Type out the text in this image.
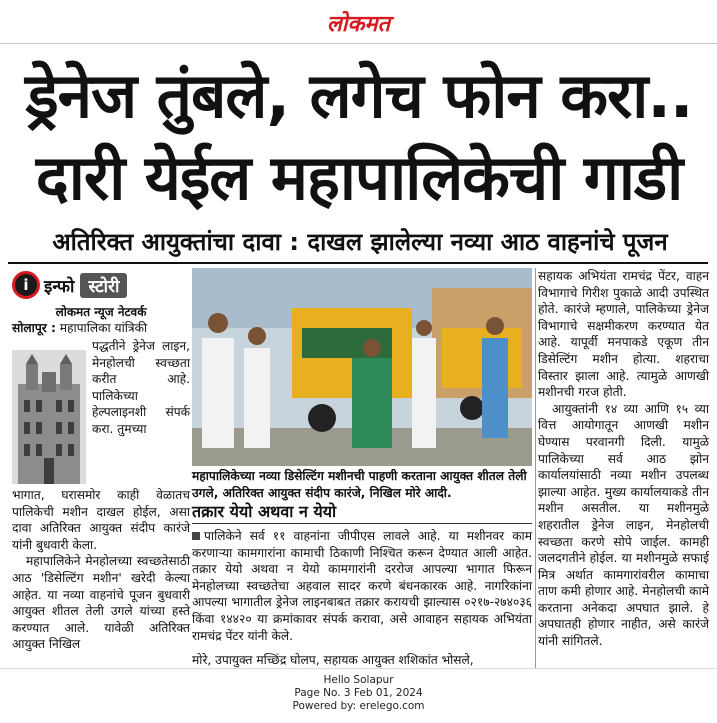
लोकमत
ड्रेनेज तुंबले, लगेच फोन करा..
दारी येईल महापालिकेची गाडी
अतिरिक्त आयुक्तांचा दावा : दाखल झालेल्या नव्या आठ वाहनांचे पूजन
i इन्फो स्टोरी
लोकमत न्यूज नेटवर्क
सोलापूर : महापालिका यांत्रिकी
पद्धतीने ड्रेनेज लाइन, मेनहोलची स्वच्छता करीत आहे. पालिकेच्या हेल्पलाइनशी संपर्क करा. तुमच्या
भागात, घरासमोर काही वेळातच पालिकेची मशीन दाखल होईल, असा दावा अतिरिक्त आयुक्त संदीप कारंजे यांनी बुधवारी केला.
महापालिकेने मेनहोलच्या स्वच्छतेसाठी आठ 'डिसेल्टिंग मशीन' खरेदी केल्या आहेत. या नव्या वाहनांचे पूजन बुधवारी आयुक्त शीतल तेली उगले यांच्या हस्ते करण्यात आले. यावेळी अतिरिक्त आयुक्त निखिल
महापालिकेच्या नव्या डिसेल्टिंग मशीनची पाहणी करताना आयुक्त शीतल तेली उगले, अतिरिक्त आयुक्त संदीप कारंजे, निखिल मोरे आदी.
तक्रार येयो अथवा न येयो
पालिकेने सर्व ११ वाहनांना जीपीएस लावले आहे. या मशीनवर काम करणाऱ्या कामगारांना कामाची ठिकाणी निश्चित करून देण्यात आली आहेत. तक्रार येयो अथवा न येयो कामगारांनी दररोज आपल्या भागात फिरून मेनहोलच्या स्वच्छतेचा अहवाल सादर करणे बंधनकारक आहे. नागरिकांना आपल्या भागातील ड्रेनेज लाइनबाबत तक्रार करायची झाल्यास ०२१७-२७४०३६ किंवा १४४२० या क्रमांकावर संपर्क करावा, असे आवाहन सहायक अभियंता रामचंद्र पेंटर यांनी केले.
मोरे, उपायुक्त मच्छिंद्र घोलप, सहायक आयुक्त शशिकांत भोसले,

सहायक अभियंता रामचंद्र पेंटर, वाहन विभागाचे गिरीश पुकाळे आदी उपस्थित होते. कारंजे म्हणाले, पालिकेच्या ड्रेनेज विभागाचे सक्षमीकरण करण्यात येत आहे. यापूर्वी मनपाकडे एकूण तीन डिसेल्टिंग मशीन होत्या. शहराचा विस्तार झाला आहे. त्यामुळे आणखी मशीनची गरज होती.

आयुक्तांनी १४ व्या आणि १५ व्या वित्त आयोगातून आणखी मशीन घेण्यास परवानगी दिली. यामुळे पालिकेच्या सर्व आठ झोन कार्यालयांसाठी नव्या मशीन उपलब्ध झाल्या आहेत. मुख्य कार्यालयाकडे तीन मशीन असतील. या मशीनमुळे शहरातील ड्रेनेज लाइन, मेनहोलची स्वच्छता करणे सोपे जाईल. कामही जलदगतीने होईल. या मशीनमुळे सफाई मित्र अर्थात कामगारांवरील कामाचा ताण कमी होणार आहे. मेनहोलची कामे करताना अनेकदा अपघात झाले. हे अपघातही होणार नाहीत, असे कारंजे यांनी सांगितले.

Hello Solapur
Page No. 3 Feb 01, 2024
Powered by: erelego.com
